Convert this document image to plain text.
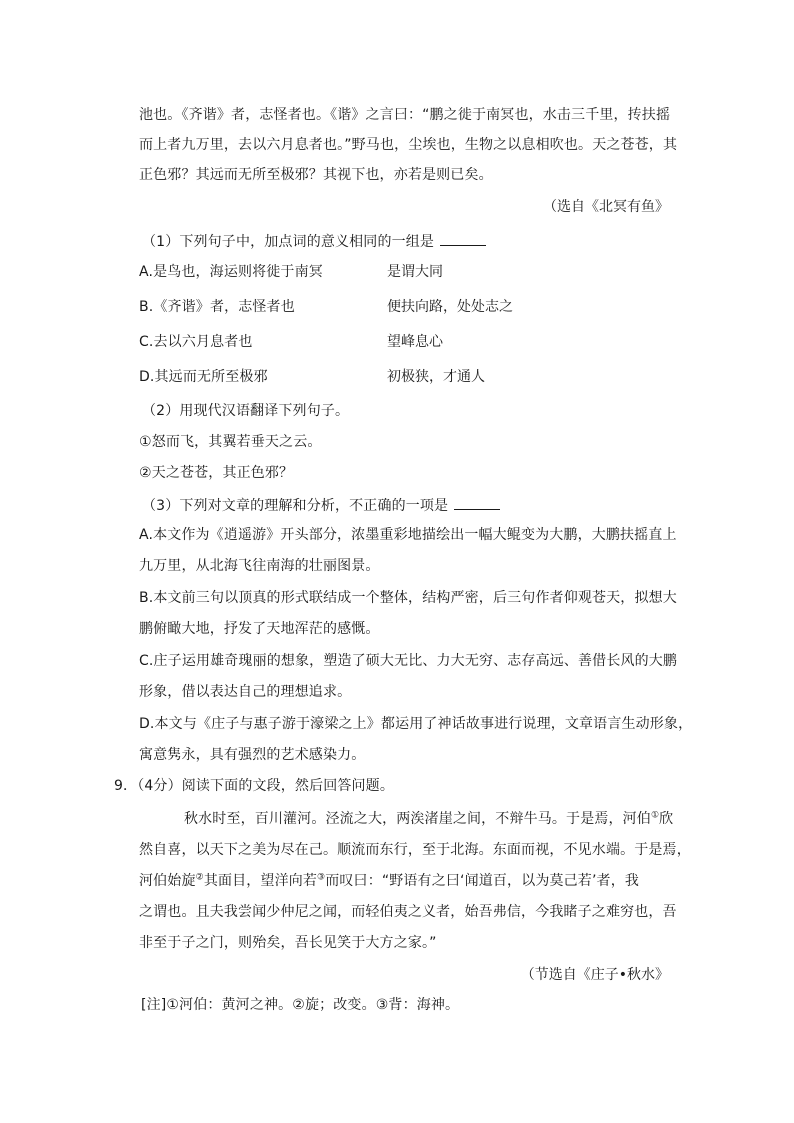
池也。《齐谐》者，志怪者也。《谐》之言曰：“鹏之徙于南冥也，水击三千里，抟扶摇
而上者九万里，去以六月息者也。”野马也，尘埃也，生物之以息相吹也。天之苍苍，其
正色邪？其远而无所至极邪？其视下也，亦若是则已矣。
（选自《北冥有鱼》
（1）下列句子中，加点词的意义相同的一组是
A.是鸟也，海运则将徙于南冥	是谓大同
B.《齐谐》者，志怪者也	便扶向路，处处志之
C.去以六月息者也	望峰息心
D.其远而无所至极邪	初极狭，才通人
（2）用现代汉语翻译下列句子。
①怒而飞，其翼若垂天之云。
②天之苍苍，其正色邪？
（3）下列对文章的理解和分析，不正确的一项是
A.本文作为《逍遥游》开头部分，浓墨重彩地描绘出一幅大鲲变为大鹏，大鹏扶摇直上
九万里，从北海飞往南海的壮丽图景。
B.本文前三句以顶真的形式联结成一个整体，结构严密，后三句作者仰观苍天，拟想大
鹏俯瞰大地，抒发了天地浑茫的感慨。
C.庄子运用雄奇瑰丽的想象，塑造了硕大无比、力大无穷、志存高远、善借长风的大鹏
形象，借以表达自己的理想追求。
D.本文与《庄子与惠子游于濠梁之上》都运用了神话故事进行说理，文章语言生动形象，
寓意隽永，具有强烈的艺术感染力。
9．（4分）阅读下面的文段，然后回答问题。
秋水时至，百川灌河。泾流之大，两涘渚崖之间，不辩牛马。于是焉，河伯①欣
然自喜，以天下之美为尽在己。顺流而东行，至于北海。东面而视，不见水端。于是焉，
河伯始旋②其面目，望洋向若③而叹曰：“野语有之曰‘闻道百，以为莫己若’者，我
之谓也。且夫我尝闻少仲尼之闻，而轻伯夷之义者，始吾弗信，今我睹子之难穷也，吾
非至于子之门，则殆矣，吾长见笑于大方之家。”
（节选自《庄子•秋水》
[注]①河伯：黄河之神。②旋；改变。③背：海神。
